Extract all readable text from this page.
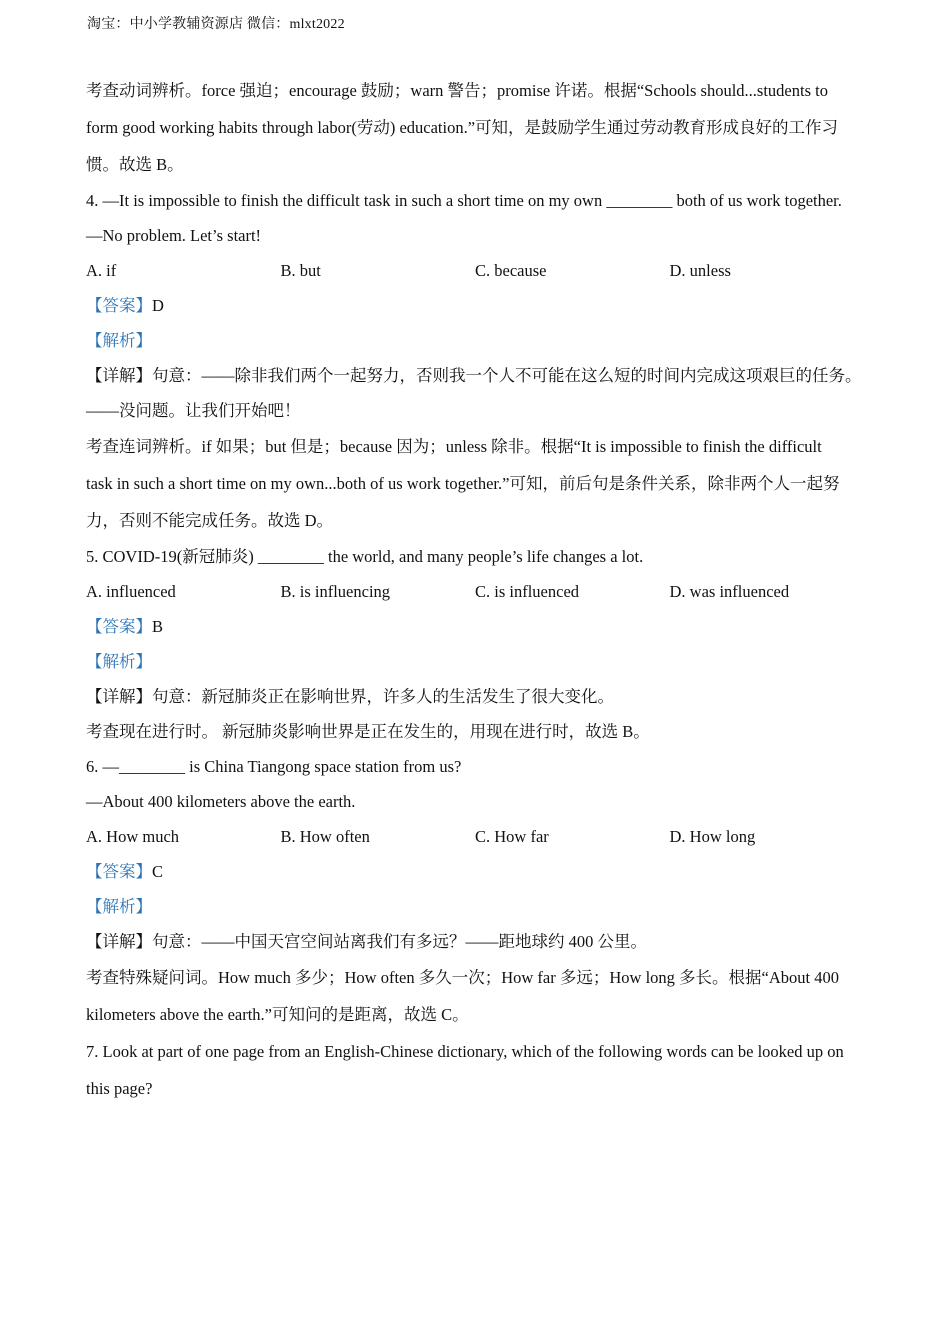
淘宝：中小学教辅资源店 微信：mlxt2022
考查动词辨析。force 强迫；encourage 鼓励；warn 警告；promise 许诺。根据“Schools should...students to
form good working habits through labor(劳动) education.”可知，是鼓励学生通过劳动教育形成良好的工作习
惯。故选 B。
4. —It is impossible to finish the difficult task in such a short time on my own ________ both of us work together.
—No problem. Let’s start!
A. if	B. but	C. because	D. unless
【答案】D
【解析】
【详解】句意：——除非我们两个一起努力，否则我一个人不可能在这么短的时间内完成这项艰巨的任务。
——没问题。让我们开始吧！
考查连词辨析。if 如果；but 但是；because 因为；unless 除非。根据“It is impossible to finish the difficult
task in such a short time on my own...both of us work together.”可知，前后句是条件关系，除非两个人一起努
力，否则不能完成任务。故选 D。
5. COVID-19(新冠肺炎) ________ the world, and many people’s life changes a lot.
A. influenced	B. is influencing	C. is influenced	D. was influenced
【答案】B
【解析】
【详解】句意：新冠肺炎正在影响世界，许多人的生活发生了很大变化。
考查现在进行时。 新冠肺炎影响世界是正在发生的，用现在进行时，故选 B。
6. —________ is China Tiangong space station from us?
—About 400 kilometers above the earth.
A. How much	B. How often	C. How far	D. How long
【答案】C
【解析】
【详解】句意：——中国天宫空间站离我们有多远？——距地球约 400 公里。
考查特殊疑问词。How much 多少；How often 多久一次；How far 多远；How long 多长。根据“About 400
kilometers above the earth.”可知问的是距离，故选 C。
7. Look at part of one page from an English-Chinese dictionary, which of the following words can be looked up on
this page?
